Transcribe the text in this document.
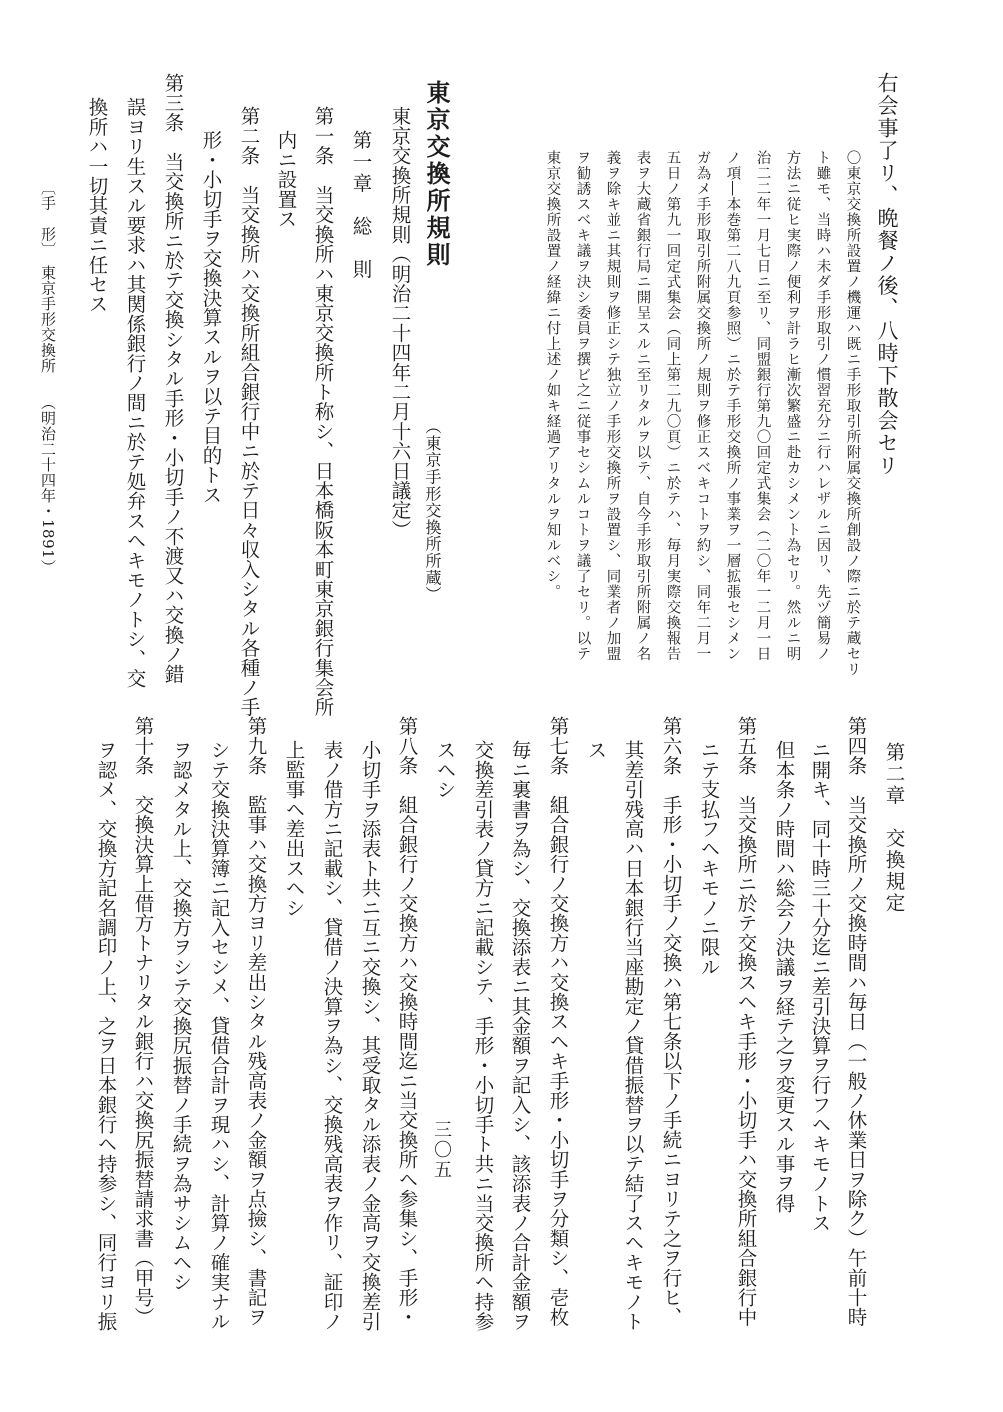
右会事了リ、晩餐ノ後、八時下散会セリ
〇東京交換所設置ノ機運ハ既ニ手形取引所附属交換所創設ノ際ニ於テ蔵セリ
ト雖モ、当時ハ未ダ手形取引ノ慣習充分ニ行ハレザルニ因リ、先ヅ簡易ノ
方法ニ従ヒ実際ノ便利ヲ計ラヒ漸次繁盛ニ赴カシメント為セリ。然ルニ明
治二二年一月七日ニ至リ、同盟銀行第九〇回定式集会（二〇年一二月一日
ノ項―本巻第二八九頁参照）ニ於テ手形交換所ノ事業ヲ一層拡張セシメン
ガ為メ手形取引所附属交換所ノ規則ヲ修正スベキコトヲ約シ、同年二月一
五日ノ第九一回定式集会（同上第二九〇頁）ニ於テハ、毎月実際交換報告
表ヲ大蔵省銀行局ニ開呈スルニ至リタルヲ以テ、自今手形取引所附属ノ名
義ヲ除キ並ニ其規則ヲ修正シテ独立ノ手形交換所ヲ設置シ、同業者ノ加盟
ヲ勧誘スベキ議ヲ決シ委員ヲ撰ビ之ニ従事セシムルコトヲ議了セリ。以テ
東京交換所設置ノ経緯ニ付上述ノ如キ経過アリタルヲ知ルベシ。
東京交換所規則
（東京手形交換所所蔵）
東京交換所規則（明治二十四年二月十六日議定）
第一章　総　則
第一条　当交換所ハ東京交換所ト称シ、日本橋阪本町東京銀行集会所
内ニ設置ス
第二条　当交換所ハ交換所組合銀行中ニ於テ日々収入シタル各種ノ手
形・小切手ヲ交換決算スルヲ以テ目的トス
第三条　当交換所ニ於テ交換シタル手形・小切手ノ不渡又ハ交換ノ錯
誤ヨリ生スル要求ハ其関係銀行ノ間ニ於テ処弁スヘキモノトシ、交
換所ハ一切其責ニ任セス
〔手　形〕
東京手形交換所
（明治二十四年・1891）
第二章　交換規定
第四条　当交換所ノ交換時間ハ毎日（一般ノ休業日ヲ除ク）午前十時
ニ開キ、同十時三十分迄ニ差引決算ヲ行フヘキモノトス
但本条ノ時間ハ総会ノ決議ヲ経テ之ヲ変更スル事ヲ得
第五条　当交換所ニ於テ交換スヘキ手形・小切手ハ交換所組合銀行中
ニテ支払フヘキモノニ限ル
第六条　手形・小切手ノ交換ハ第七条以下ノ手続ニヨリテ之ヲ行ヒ、
其差引残高ハ日本銀行当座勘定ノ貸借振替ヲ以テ結了スヘキモノト
ス
第七条　組合銀行ノ交換方ハ交換スヘキ手形・小切手ヲ分類シ、壱枚
毎ニ裏書ヲ為シ、交換添表ニ其金額ヲ記入シ、該添表ノ合計金額ヲ
交換差引表ノ貸方ニ記載シテ、手形・小切手ト共ニ当交換所ヘ持参
スヘシ
第八条　組合銀行ノ交換方ハ交換時間迄ニ当交換所ヘ参集シ、手形・
小切手ヲ添表ト共ニ互ニ交換シ、其受取タル添表ノ金高ヲ交換差引
表ノ借方ニ記載シ、貸借ノ決算ヲ為シ、交換残高表ヲ作リ、証印ノ
上監事ヘ差出スヘシ
第九条　監事ハ交換方ヨリ差出シタル残高表ノ金額ヲ点撿シ、書記ヲ
シテ交換決算簿ニ記入セシメ、貸借合計ヲ現ハシ、計算ノ確実ナル
ヲ認メタル上、交換方ヲシテ交換尻振替ノ手続ヲ為サシムヘシ
第十条　交換決算上借方トナリタル銀行ハ交換尻振替請求書（甲号）
ヲ認メ、交換方記名調印ノ上、之ヲ日本銀行ヘ持参シ、同行ヨリ振	三〇五
